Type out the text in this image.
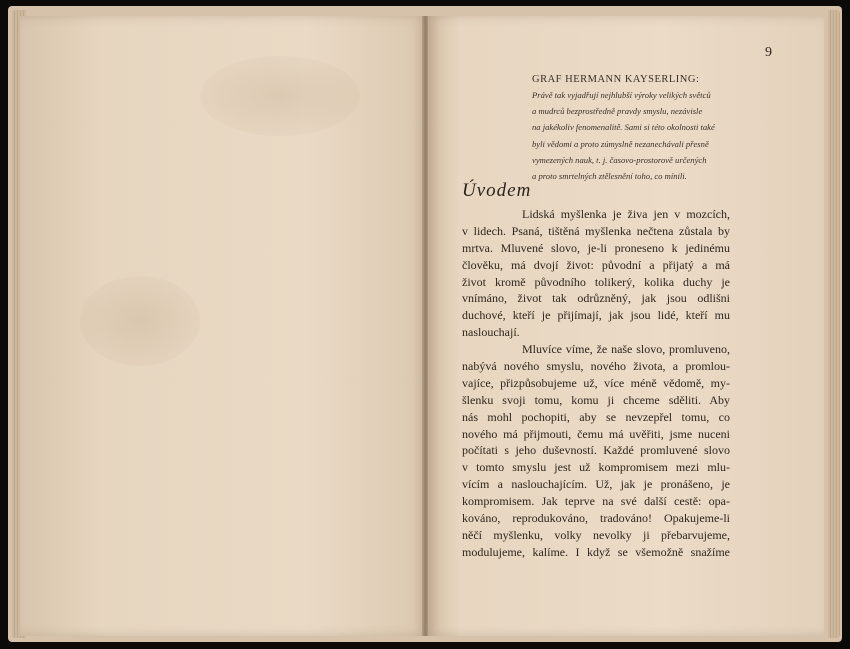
9
GRAF HERMANN KAYSERLING:
Právě tak vyjadřují nejhlubší výroky velikých světců
a mudrců bezprostředně pravdy smyslu, nezávisle
na jakékoliv fenomenalitě. Sami si této okolnosti také
byli vědomi a proto zúmyslně nezanechávali přesně
vymezených nauk, t. j. časovo-prostorově určených
a proto smrtelných ztělesnění toho, co mínili.
Úvodem
Lidská myšlenka je živa jen v mozcích,
v lidech. Psaná, tištěná myšlenka nečtena zůstala by
mrtva. Mluvené slovo, je-li proneseno k jedinému
člověku, má dvojí život: původní a přijatý a má
život kromě původního tolikerý, kolika duchy je
vnímáno, život tak odrůzněný, jak jsou odlišni
duchové, kteří je přijímají, jak jsou lidé, kteří mu
naslouchají.
Mluvíce víme, že naše slovo, promluveno,
nabývá nového smyslu, nového života, a promlou-
vajíce, přizpůsobujeme už, více méně vědomě, my-
šlenku svoji tomu, komu ji chceme sděliti. Aby
nás mohl pochopiti, aby se nevzepřel tomu, co
nového má přijmouti, čemu má uvěřiti, jsme nuceni
počítati s jeho duševností. Každé promluvené slovo
v tomto smyslu jest už kompromisem mezi mlu-
vícím a naslouchajícím. Už, jak je pronášeno, je
kompromisem. Jak teprve na své další cestě: opa-
kováno, reprodukováno, tradováno! Opakujeme-li
něčí myšlenku, volky nevolky ji přebarvujeme,
modulujeme, kalíme. I když se všemožně snažíme
